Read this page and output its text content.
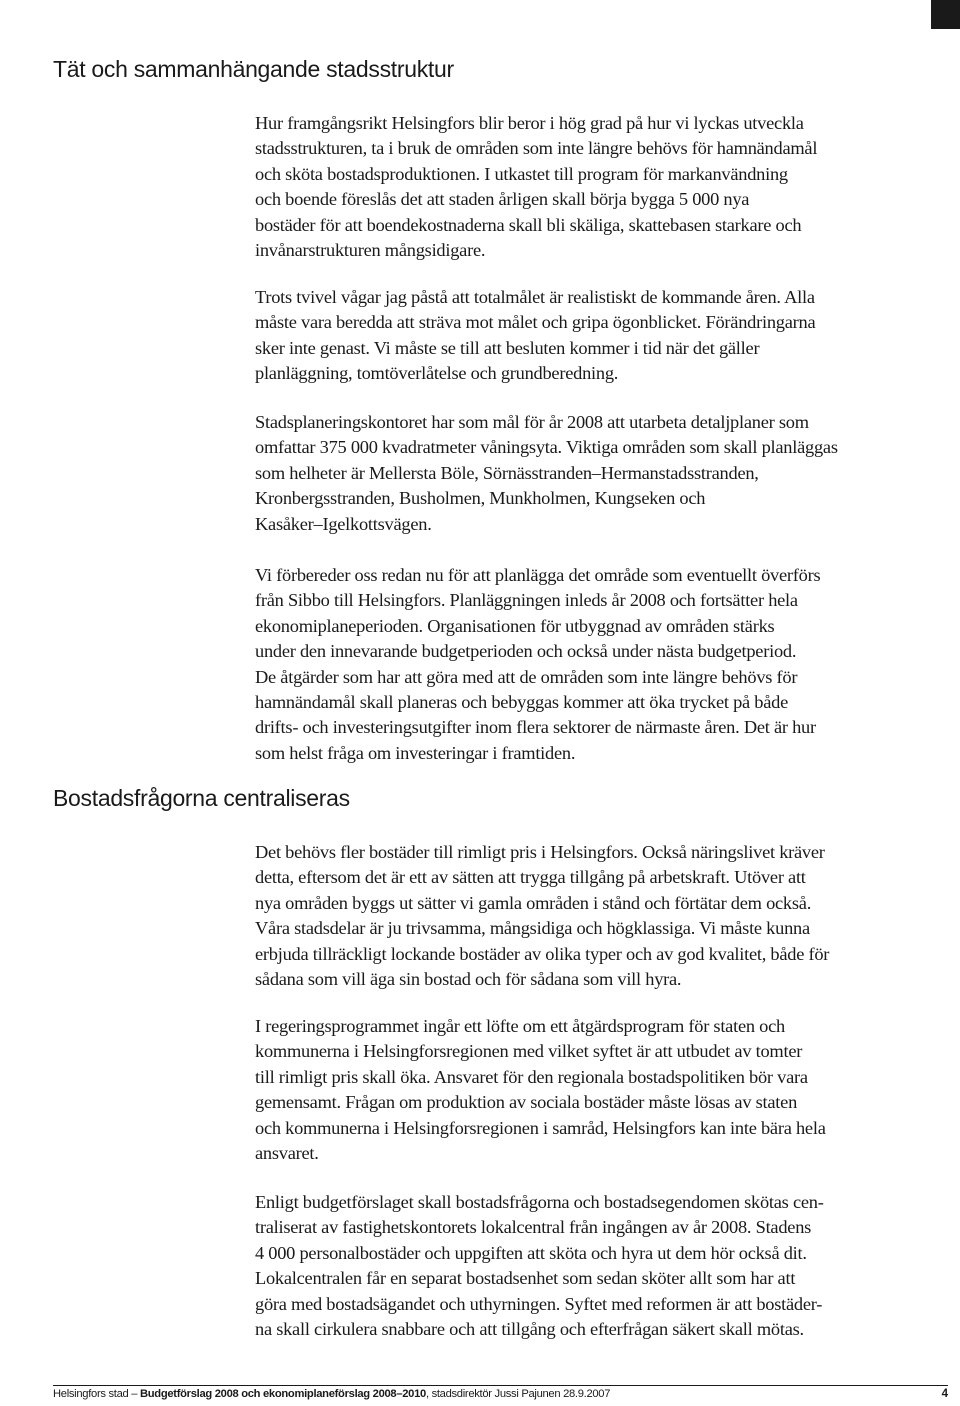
Tät och sammanhängande stadsstruktur
Hur framgångsrikt Helsingfors blir beror i hög grad på hur vi lyckas utveckla
stadsstrukturen, ta i bruk de områden som inte längre behövs för hamnändamål
och sköta bostadsproduktionen. I utkastet till program för markanvändning
och boende föreslås det att staden årligen skall börja bygga 5 000 nya
bostäder för att boendekostnaderna skall bli skäliga, skattebasen starkare och
invånarstrukturen mångsidigare.
Trots tvivel vågar jag påstå att totalmålet är realistiskt de kommande åren. Alla
måste vara beredda att sträva mot målet och gripa ögonblicket. Förändringarna
sker inte genast. Vi måste se till att besluten kommer i tid när det gäller
planläggning, tomtöverlåtelse och grundberedning.
Stadsplaneringskontoret har som mål för år 2008 att utarbeta detaljplaner som
omfattar 375 000 kvadratmeter våningsyta. Viktiga områden som skall planläggas
som helheter är Mellersta Böle, Sörnässtranden–Hermanstadsstranden,
Kronbergsstranden, Busholmen, Munkholmen, Kungseken och
Kasåker–Igelkottsvägen.
Vi förbereder oss redan nu för att planlägga det område som eventuellt överförs
från Sibbo till Helsingfors. Planläggningen inleds år 2008 och fortsätter hela
ekonomiplaneperioden. Organisationen för utbyggnad av områden stärks
under den innevarande budgetperioden och också under nästa budgetperiod.
De åtgärder som har att göra med att de områden som inte längre behövs för
hamnändamål skall planeras och bebyggas kommer att öka trycket på både
drifts- och investeringsutgifter inom flera sektorer de närmaste åren. Det är hur
som helst fråga om investeringar i framtiden.
Bostadsfrågorna centraliseras
Det behövs fler bostäder till rimligt pris i Helsingfors. Också näringslivet kräver
detta, eftersom det är ett av sätten att trygga tillgång på arbetskraft. Utöver att
nya områden byggs ut sätter vi gamla områden i stånd och förtätar dem också.
Våra stadsdelar är ju trivsamma, mångsidiga och högklassiga. Vi måste kunna
erbjuda tillräckligt lockande bostäder av olika typer och av god kvalitet, både för
sådana som vill äga sin bostad och för sådana som vill hyra.
I regeringsprogrammet ingår ett löfte om ett åtgärdsprogram för staten och
kommunerna i Helsingforsregionen med vilket syftet är att utbudet av tomter
till rimligt pris skall öka. Ansvaret för den regionala bostadspolitiken bör vara
gemensamt. Frågan om produktion av sociala bostäder måste lösas av staten
och kommunerna i Helsingforsregionen i samråd, Helsingfors kan inte bära hela
ansvaret.
Enligt budgetförslaget skall bostadsfrågorna och bostadsegendomen skötas cen-
traliserat av fastighetskontorets lokalcentral från ingången av år 2008. Stadens
4 000 personalbostäder och uppgiften att sköta och hyra ut dem hör också dit.
Lokalcentralen får en separat bostadsenhet som sedan sköter allt som har att
göra med bostadsägandet och uthyrningen. Syftet med reformen är att bostäder-
na skall cirkulera snabbare och att tillgång och efterfrågan säkert skall mötas.
Helsingfors stad – Budgetförslag 2008 och ekonomiplaneförslag 2008–2010, stadsdirektör Jussi Pajunen 28.9.2007	4
